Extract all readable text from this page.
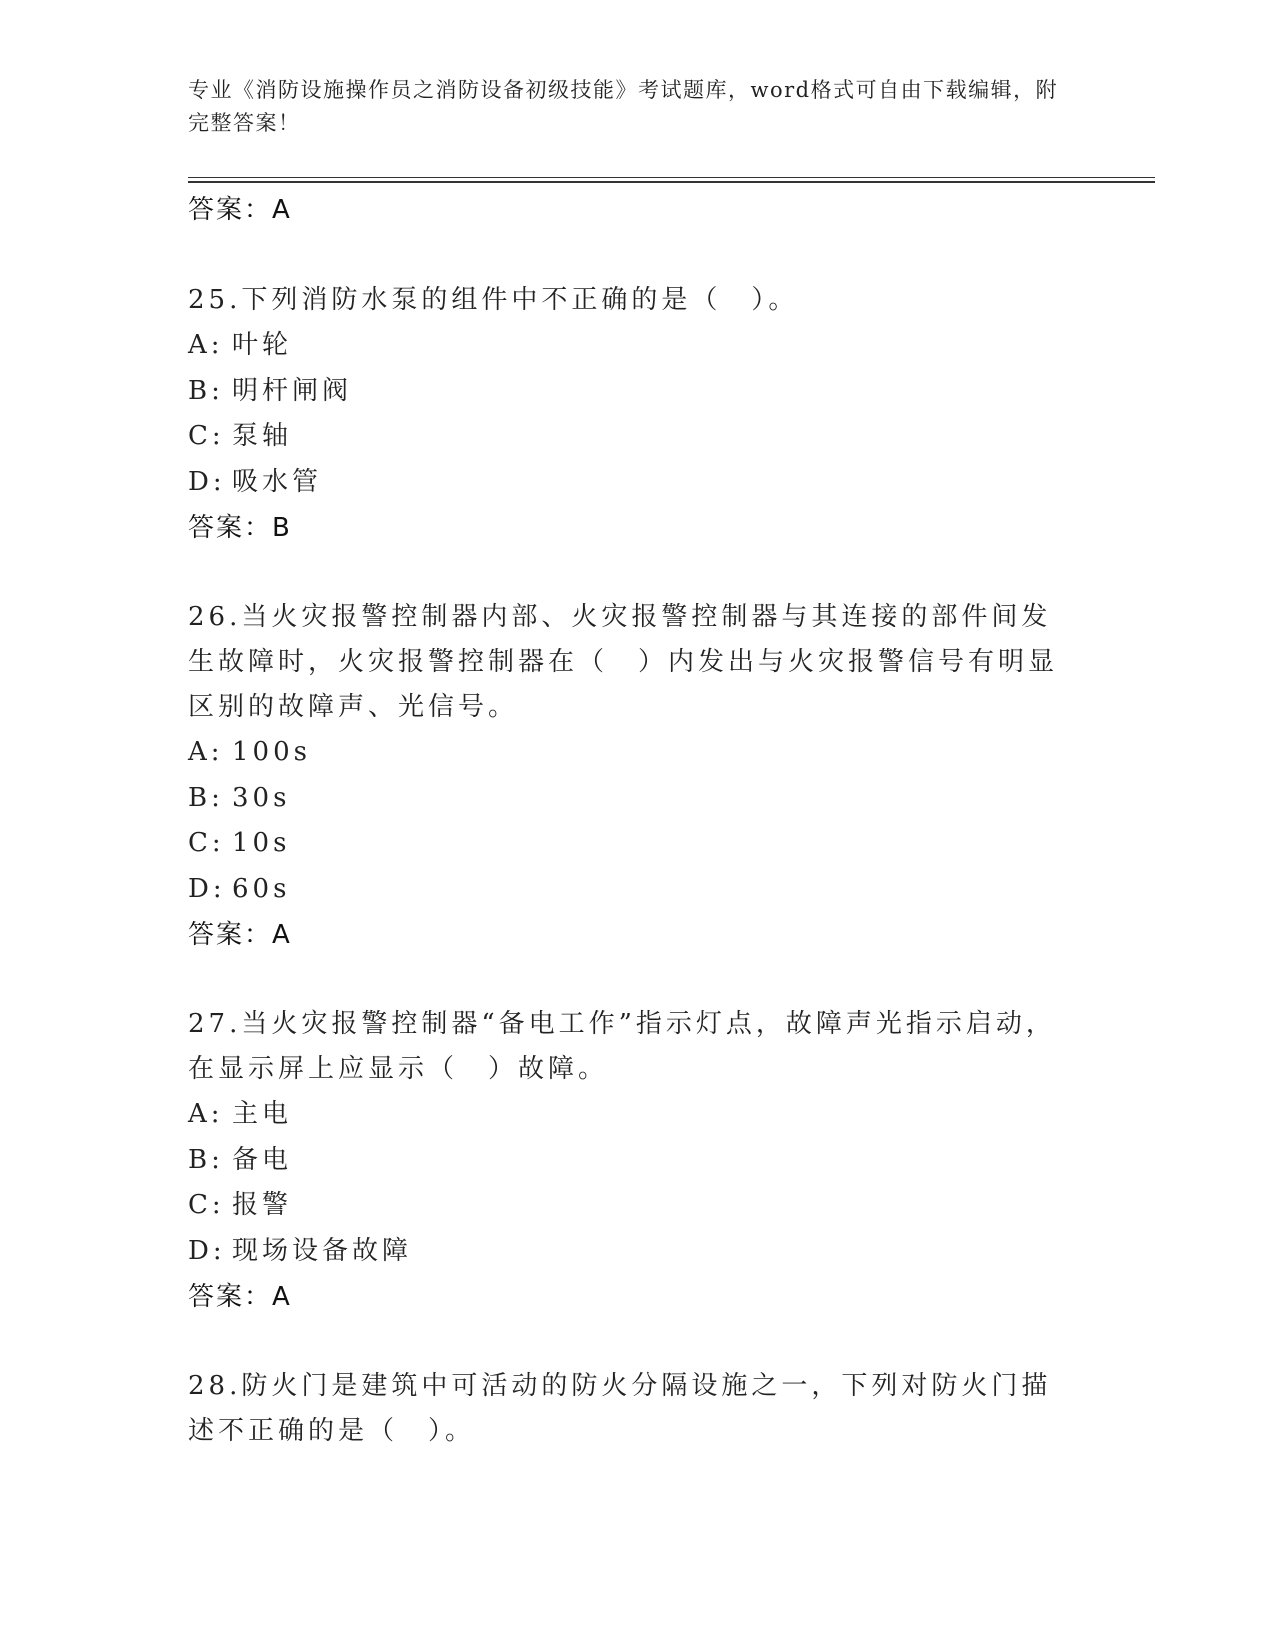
专业《消防设施操作员之消防设备初级技能》考试题库，word格式可自由下载编辑，附完整答案！
答案：A
25.下列消防水泵的组件中不正确的是（　）。
A: 叶轮
B: 明杆闸阀
C: 泵轴
D: 吸水管
答案：B
26.当火灾报警控制器内部、火灾报警控制器与其连接的部件间发生故障时，火灾报警控制器在（　）内发出与火灾报警信号有明显区别的故障声、光信号。
A: 100s
B: 30s
C: 10s
D: 60s
答案：A
27.当火灾报警控制器“备电工作”指示灯点，故障声光指示启动，在显示屏上应显示（　）故障。
A: 主电
B: 备电
C: 报警
D: 现场设备故障
答案：A
28.防火门是建筑中可活动的防火分隔设施之一，下列对防火门描述不正确的是（　）。
